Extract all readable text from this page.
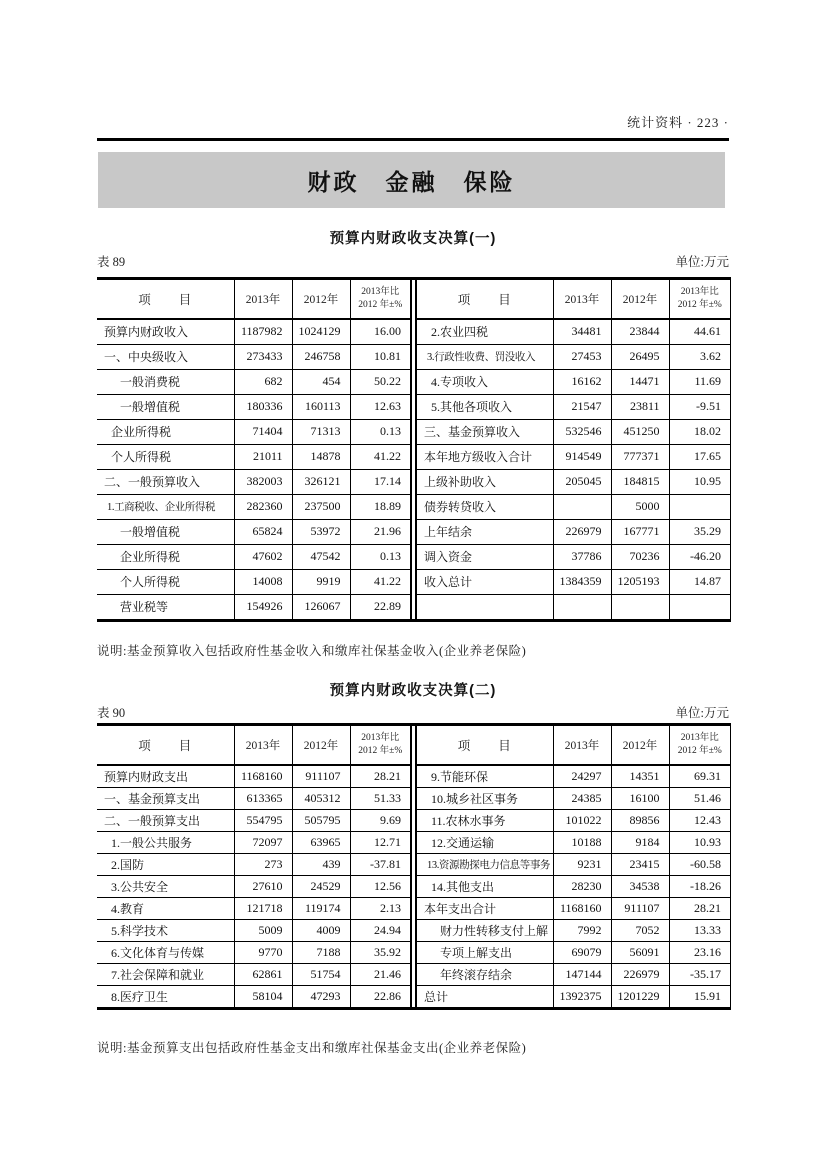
统计资料 · 223 ·
财政　金融　保险
预算内财政收支决算(一)
表 89	单位:万元
项　　目	2013年	2012年	2013年比
2012 年±%
预算内财政收入	1187982	1024129	16.00
一、中央级收入	273433	246758	10.81
一般消费税	682	454	50.22
一般增值税	180336	160113	12.63
企业所得税	71404	71313	0.13
个人所得税	21011	14878	41.22
二、一般预算收入	382003	326121	17.14
1.工商税收、企业所得税	282360	237500	18.89
一般增值税	65824	53972	21.96
企业所得税	47602	47542	0.13
个人所得税	14008	9919	41.22
营业税等	154926	126067	22.89
项　　目	2013年	2012年	2013年比
2012 年±%
2.农业四税	34481	23844	44.61
3.行政性收费、罚没收入	27453	26495	3.62
4.专项收入	16162	14471	11.69
5.其他各项收入	21547	23811	-9.51
三、基金预算收入	532546	451250	18.02
本年地方级收入合计	914549	777371	17.65
上级补助收入	205045	184815	10.95
债券转贷收入		5000	
上年结余	226979	167771	35.29
调入资金	37786	70236	-46.20
收入总计	1384359	1205193	14.87

说明:基金预算收入包括政府性基金收入和缴库社保基金收入(企业养老保险)
预算内财政收支决算(二)
表 90	单位:万元
项　　目	2013年	2012年	2013年比
2012 年±%
预算内财政支出	1168160	911107	28.21
一、基金预算支出	613365	405312	51.33
二、一般预算支出	554795	505795	9.69
1.一般公共服务	72097	63965	12.71
2.国防	273	439	-37.81
3.公共安全	27610	24529	12.56
4.教育	121718	119174	2.13
5.科学技术	5009	4009	24.94
6.文化体育与传媒	9770	7188	35.92
7.社会保障和就业	62861	51754	21.46
8.医疗卫生	58104	47293	22.86
项　　目	2013年	2012年	2013年比
2012 年±%
9.节能环保	24297	14351	69.31
10.城乡社区事务	24385	16100	51.46
11.农林水事务	101022	89856	12.43
12.交通运输	10188	9184	10.93
13.资源勘探电力信息等事务	9231	23415	-60.58
14.其他支出	28230	34538	-18.26
本年支出合计	1168160	911107	28.21
财力性转移支付上解	7992	7052	13.33
专项上解支出	69079	56091	23.16
年终滚存结余	147144	226979	-35.17
总计	1392375	1201229	15.91
说明:基金预算支出包括政府性基金支出和缴库社保基金支出(企业养老保险)
